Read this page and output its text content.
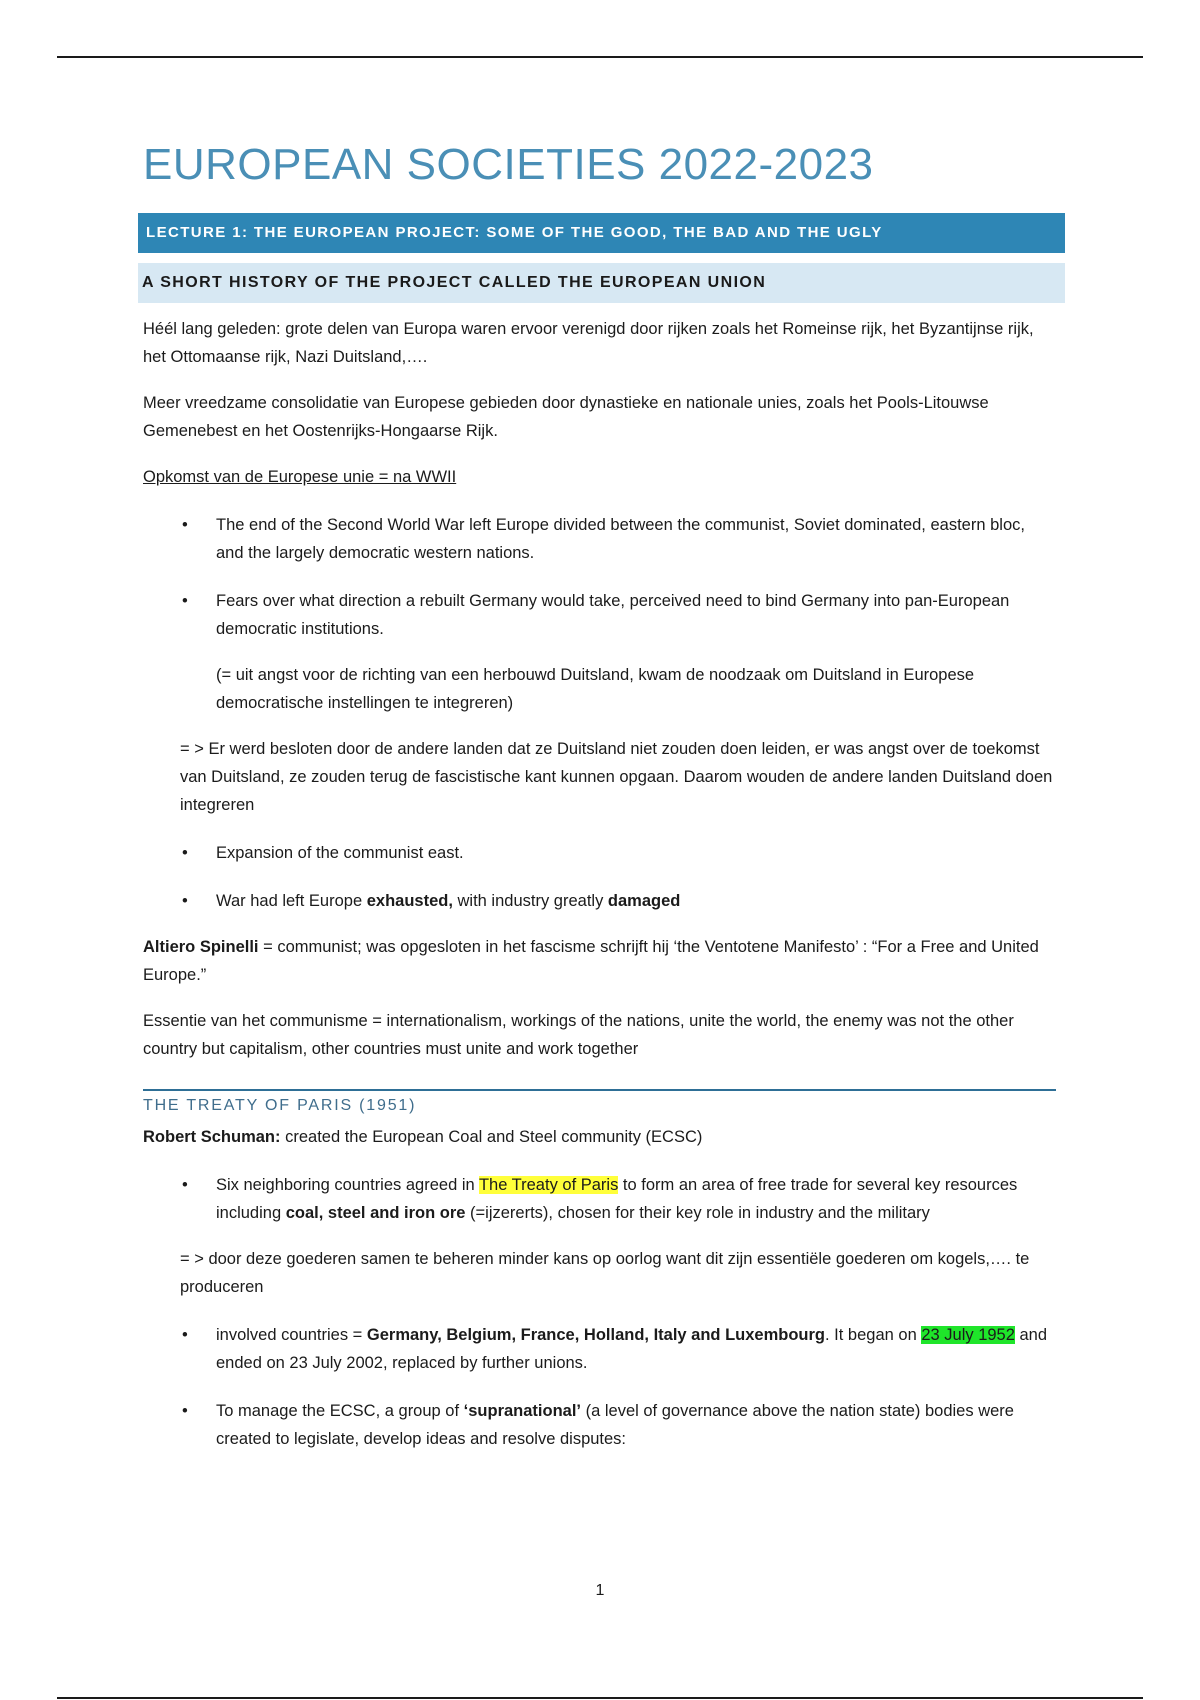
EUROPEAN SOCIETIES 2022-2023
LECTURE 1: THE EUROPEAN PROJECT: SOME OF THE GOOD, THE BAD AND THE UGLY
A SHORT HISTORY OF THE PROJECT CALLED THE EUROPEAN UNION

Héél lang geleden: grote delen van Europa waren ervoor verenigd door rijken zoals het Romeinse rijk, het Byzantijnse rijk, het Ottomaanse rijk, Nazi Duitsland,….

Meer vreedzame consolidatie van Europese gebieden door dynastieke en nationale unies, zoals het Pools-Litouwse Gemenebest en het Oostenrijks-Hongaarse Rijk.

Opkomst van de Europese unie = na WWII

• The end of the Second World War left Europe divided between the communist, Soviet dominated, eastern bloc, and the largely democratic western nations.
• Fears over what direction a rebuilt Germany would take, perceived need to bind Germany into pan-European democratic institutions.

(= uit angst voor de richting van een herbouwd Duitsland, kwam de noodzaak om Duitsland in Europese democratische instellingen te integreren)

= > Er werd besloten door de andere landen dat ze Duitsland niet zouden doen leiden, er was angst over de toekomst van Duitsland, ze zouden terug de fascistische kant kunnen opgaan. Daarom wouden de andere landen Duitsland doen integreren

• Expansion of the communist east.
• War had left Europe exhausted, with industry greatly damaged

Altiero Spinelli = communist; was opgesloten in het fascisme schrijft hij ‘the Ventotene Manifesto’ : “For a Free and United Europe.”

Essentie van het communisme = internationalism, workings of the nations, unite the world, the enemy was not the other country but capitalism, other countries must unite and work together

THE TREATY OF PARIS (1951)

Robert Schuman: created the European Coal and Steel community (ECSC)

• Six neighboring countries agreed in The Treaty of Paris to form an area of free trade for several key resources including coal, steel and iron ore (=ijzererts), chosen for their key role in industry and the military

= > door deze goederen samen te beheren minder kans op oorlog want dit zijn essentiële goederen om kogels,…. te produceren

• involved countries = Germany, Belgium, France, Holland, Italy and Luxembourg. It began on 23 July 1952 and ended on 23 July 2002, replaced by further unions.
• To manage the ECSC, a group of ‘supranational’ (a level of governance above the nation state) bodies were created to legislate, develop ideas and resolve disputes:
1
